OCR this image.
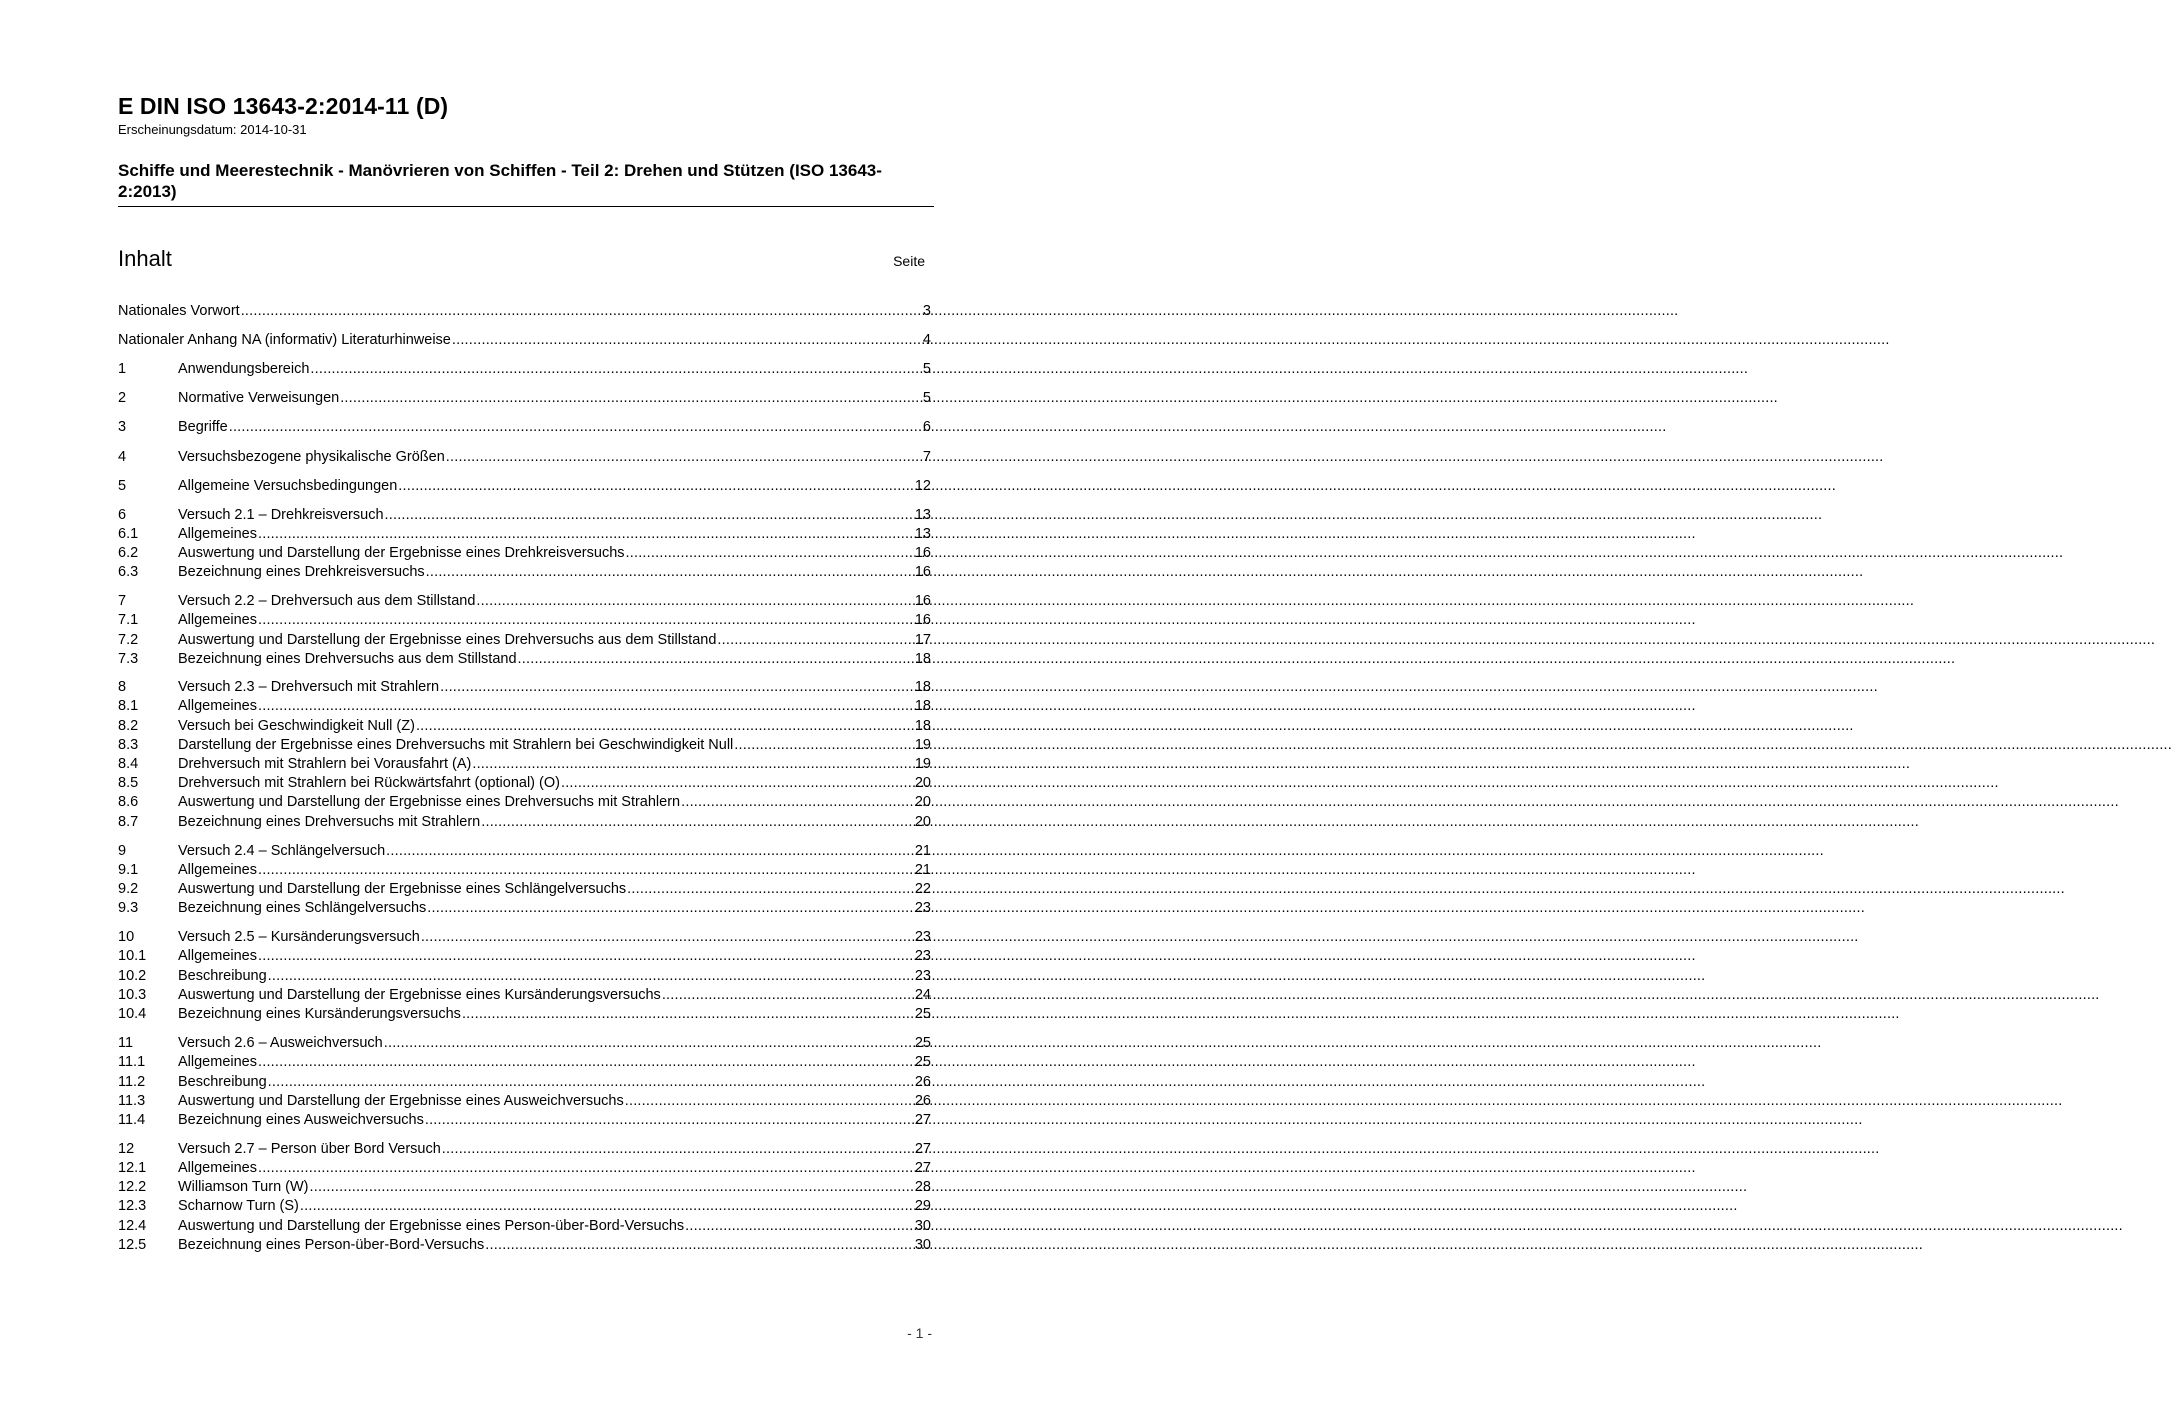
E DIN ISO 13643-2:2014-11 (D)
Erscheinungsdatum: 2014-10-31
Schiffe und Meerestechnik - Manövrieren von Schiffen - Teil 2: Drehen und Stützen (ISO 13643-2:2013)
Inhalt	Seite
Nationales Vorwort .....	3
Nationaler Anhang NA (informativ) Literaturhinweise .....	4
1	Anwendungsbereich .....	5
2	Normative Verweisungen .....	5
3	Begriffe .....	6
4	Versuchsbezogene physikalische Größen .....	7
5	Allgemeine Versuchsbedingungen .....	12
6	Versuch 2.1 – Drehkreisversuch .....	13
6.1	Allgemeines .....	13
6.2	Auswertung und Darstellung der Ergebnisse eines Drehkreisversuchs .....	16
6.3	Bezeichnung eines Drehkreisversuchs .....	16
7	Versuch 2.2 – Drehversuch aus dem Stillstand .....	16
7.1	Allgemeines .....	16
7.2	Auswertung und Darstellung der Ergebnisse eines Drehversuchs aus dem Stillstand .....	17
7.3	Bezeichnung eines Drehversuchs aus dem Stillstand .....	18
8	Versuch 2.3 – Drehversuch mit Strahlern .....	18
8.1	Allgemeines .....	18
8.2	Versuch bei Geschwindigkeit Null (Z) .....	18
8.3	Darstellung der Ergebnisse eines Drehversuchs mit Strahlern bei Geschwindigkeit Null .....	19
8.4	Drehversuch mit Strahlern bei Vorausfahrt (A) .....	19
8.5	Drehversuch mit Strahlern bei Rückwärtsfahrt (optional) (O) .....	20
8.6	Auswertung und Darstellung der Ergebnisse eines Drehversuchs mit Strahlern .....	20
8.7	Bezeichnung eines Drehversuchs mit Strahlern .....	20
9	Versuch 2.4 – Schlängelversuch .....	21
9.1	Allgemeines .....	21
9.2	Auswertung und Darstellung der Ergebnisse eines Schlängelversuchs .....	22
9.3	Bezeichnung eines Schlängelversuchs .....	23
10	Versuch 2.5 – Kursänderungsversuch .....	23
10.1	Allgemeines .....	23
10.2	Beschreibung .....	23
10.3	Auswertung und Darstellung der Ergebnisse eines Kursänderungsversuchs .....	24
10.4	Bezeichnung eines Kursänderungsversuchs .....	25
11	Versuch 2.6 – Ausweichversuch .....	25
11.1	Allgemeines .....	25
11.2	Beschreibung .....	26
11.3	Auswertung und Darstellung der Ergebnisse eines Ausweichversuchs .....	26
11.4	Bezeichnung eines Ausweichversuchs .....	27
12	Versuch 2.7 – Person über Bord Versuch .....	27
12.1	Allgemeines .....	27
12.2	Williamson Turn (W) .....	28
12.3	Scharnow Turn (S) .....	29
12.4	Auswertung und Darstellung der Ergebnisse eines Person-über-Bord-Versuchs .....	30
12.5	Bezeichnung eines Person-über-Bord-Versuchs .....	30
- 1 -
